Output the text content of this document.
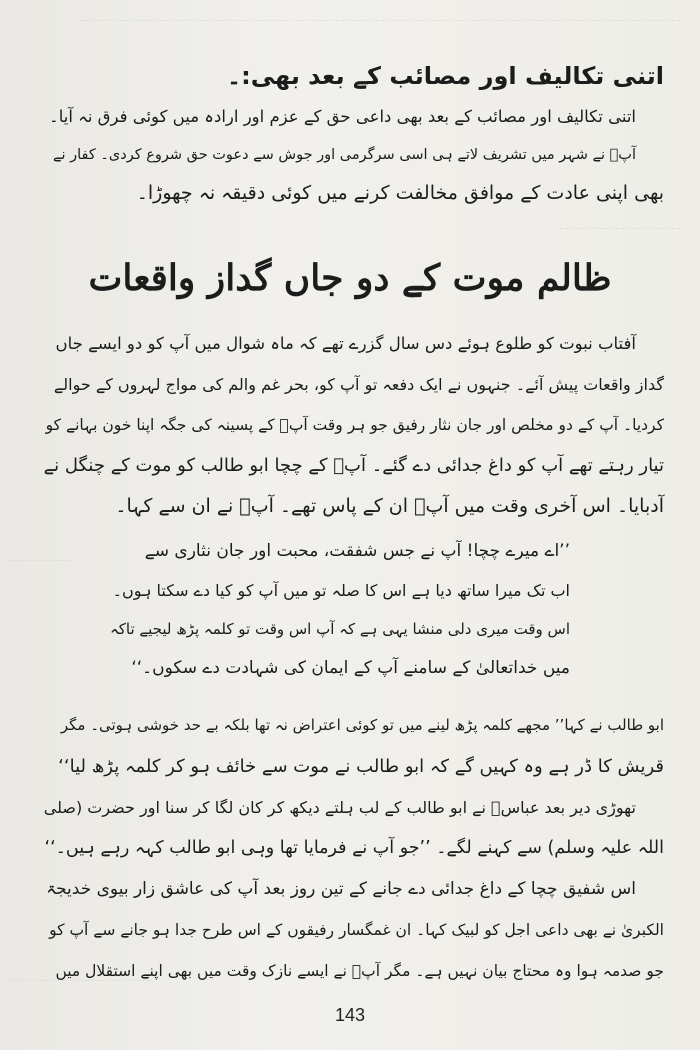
اتنی تکالیف اور مصائب کے بعد بھی:۔
اتنی تکالیف اور مصائب کے بعد بھی داعی حق کے عزم اور ارادہ میں کوئی فرق نہ آیا۔
آپؐ نے شہر میں تشریف لاتے ہی اسی سرگرمی اور جوش سے دعوت حق شروع کردی۔ کفار نے
بھی اپنی عادت کے موافق مخالفت کرنے میں کوئی دقیقہ نہ چھوڑا۔
ظالم موت کے دو جاں گداز واقعات
آفتاب نبوت کو طلوع ہوئے دس سال گزرے تھے کہ ماہ شوال میں آپ کو دو ایسے جاں
گداز واقعات پیش آئے۔ جنہوں نے ایک دفعہ تو آپ کو، بحر غم والم کی مواج لہروں کے حوالے
کردیا۔ آپ کے دو مخلص اور جان نثار رفیق جو ہر وقت آپؐ کے پسینہ کی جگہ اپنا خون بہانے کو
تیار رہتے تھے آپ کو داغ جدائی دے گئے۔ آپؐ کے چچا ابو طالب کو موت کے چنگل نے
آدبایا۔ اس آخری وقت میں آپؐ ان کے پاس تھے۔ آپؐ نے ان سے کہا۔
’’اے میرے چچا! آپ نے جس شفقت، محبت اور جان نثاری سے
اب تک میرا ساتھ دیا ہے اس کا صلہ تو میں آپ کو کیا دے سکتا ہوں۔
اس وقت میری دلی منشا یہی ہے کہ آپ اس وقت تو کلمہ پڑھ لیجیے تاکہ
میں خداتعالیٰ کے سامنے آپ کے ایمان کی شہادت دے سکوں۔‘‘
ابو طالب نے کہا’’ مجھے کلمہ پڑھ لینے میں تو کوئی اعتراض نہ تھا بلکہ بے حد خوشی ہوتی۔ مگر
قریش کا ڈر ہے وہ کہیں گے کہ ابو طالب نے موت سے خائف ہو کر کلمہ پڑھ لیا‘‘
تھوڑی دیر بعد عباسؓ نے ابو طالب کے لب ہلتے دیکھ کر کان لگا کر سنا اور حضرت (صلی
اللہ علیہ وسلم) سے کہنے لگے۔ ’’جو آپ نے فرمایا تھا وہی ابو طالب کہہ رہے ہیں۔‘‘
اس شفیق چچا کے داغ جدائی دے جانے کے تین روز بعد آپ کی عاشق زار بیوی خدیجۃ
الکبریٰ نے بھی داعی اجل کو لبیک کہا۔ ان غمگسار رفیقوں کے اس طرح جدا ہو جانے سے آپ کو
جو صدمہ ہوا وہ محتاج بیان نہیں ہے۔ مگر آپؐ نے ایسے نازک وقت میں بھی اپنے استقلال میں
143
